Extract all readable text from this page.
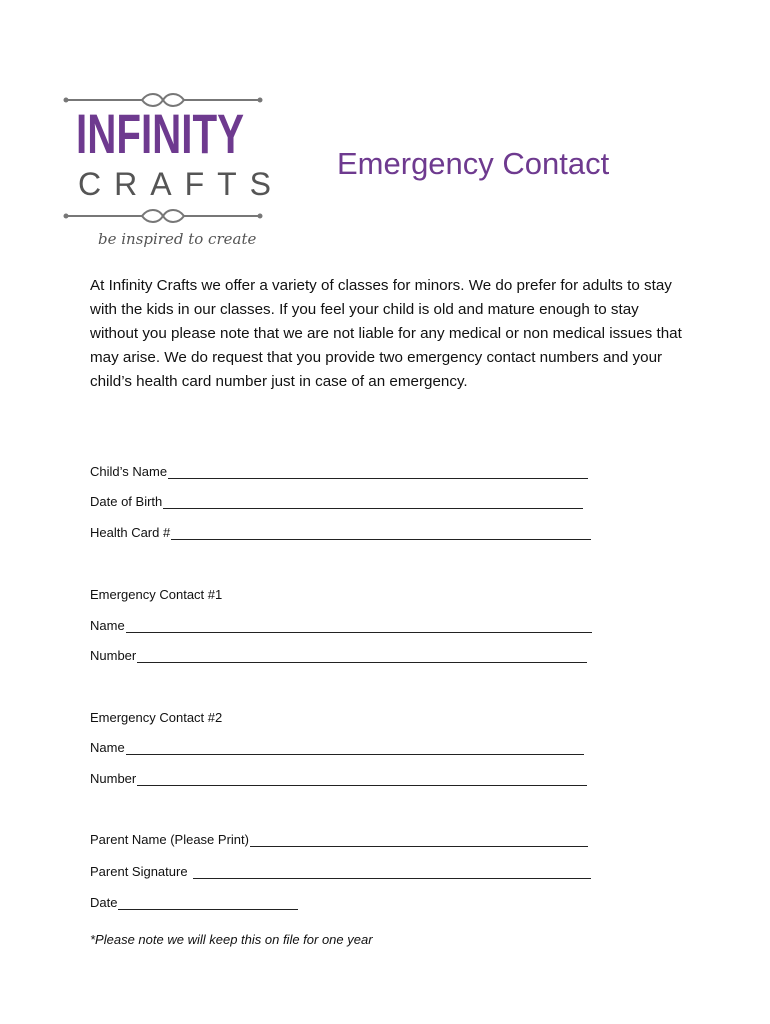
INFINITY
CRAFTS
be inspired to create
Emergency Contact
At Infinity Crafts we offer a variety of classes for minors. We do prefer for adults to stay with the kids in our classes. If you feel your child is old and mature enough to stay without you please note that we are not liable for any medical or non medical issues that may arise. We do request that you provide two emergency contact numbers and your child’s health card number just in case of an emergency.
Child’s Name
Date of Birth
Health Card #
Emergency Contact #1
Name
Number
Emergency Contact #2
Name
Number
Parent Name (Please Print)
Parent Signature
Date
*Please note we will keep this on file for one year
